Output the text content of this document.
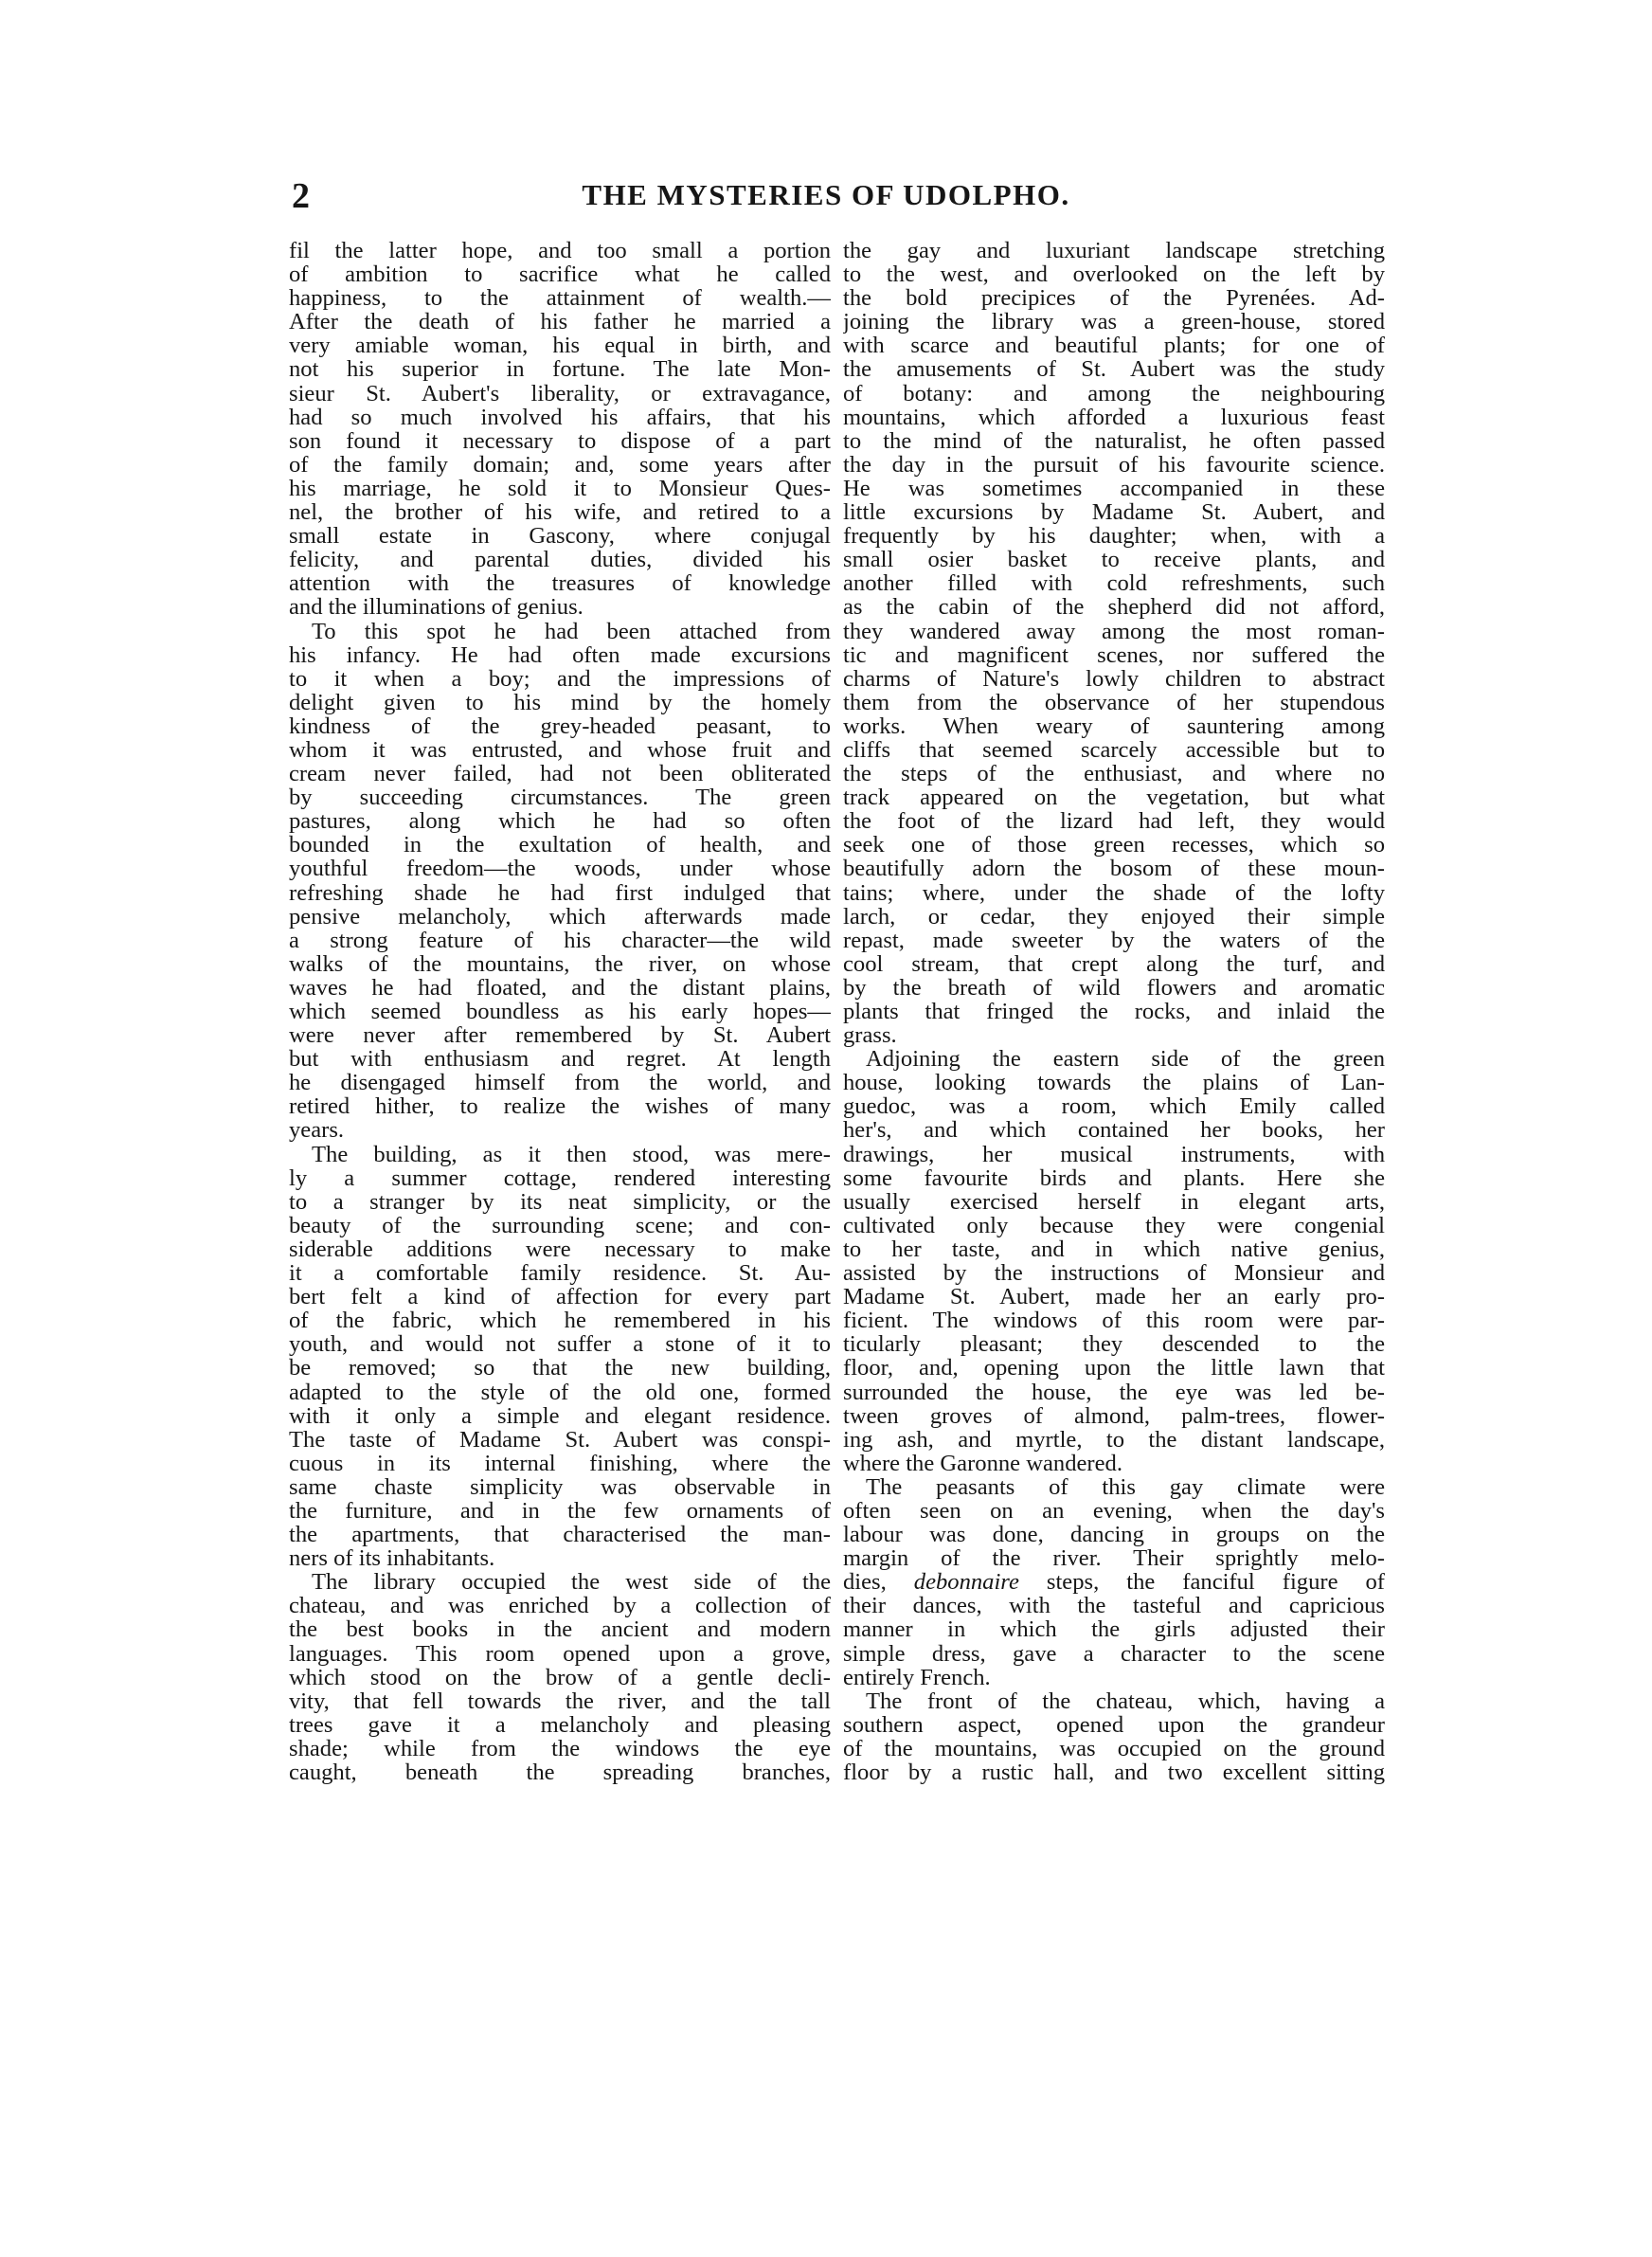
2	THE MYSTERIES OF UDOLPHO.
fil the latter hope, and too small a portion
of ambition to sacrifice what he called
happiness, to the attainment of wealth.—
After the death of his father he married a
very amiable woman, his equal in birth, and
not his superior in fortune. The late Mon-
sieur St. Aubert's liberality, or extravagance,
had so much involved his affairs, that his
son found it necessary to dispose of a part
of the family domain; and, some years after
his marriage, he sold it to Monsieur Ques-
nel, the brother of his wife, and retired to a
small estate in Gascony, where conjugal
felicity, and parental duties, divided his
attention with the treasures of knowledge
and the illuminations of genius.
To this spot he had been attached from
his infancy. He had often made excursions
to it when a boy; and the impressions of
delight given to his mind by the homely
kindness of the grey-headed peasant, to
whom it was entrusted, and whose fruit and
cream never failed, had not been obliterated
by succeeding circumstances. The green
pastures, along which he had so often
bounded in the exultation of health, and
youthful freedom—the woods, under whose
refreshing shade he had first indulged that
pensive melancholy, which afterwards made
a strong feature of his character—the wild
walks of the mountains, the river, on whose
waves he had floated, and the distant plains,
which seemed boundless as his early hopes—
were never after remembered by St. Aubert
but with enthusiasm and regret. At length
he disengaged himself from the world, and
retired hither, to realize the wishes of many
years.
The building, as it then stood, was mere-
ly a summer cottage, rendered interesting
to a stranger by its neat simplicity, or the
beauty of the surrounding scene; and con-
siderable additions were necessary to make
it a comfortable family residence. St. Au-
bert felt a kind of affection for every part
of the fabric, which he remembered in his
youth, and would not suffer a stone of it to
be removed; so that the new building,
adapted to the style of the old one, formed
with it only a simple and elegant residence.
The taste of Madame St. Aubert was conspi-
cuous in its internal finishing, where the
same chaste simplicity was observable in
the furniture, and in the few ornaments of
the apartments, that characterised the man-
ners of its inhabitants.
The library occupied the west side of the
chateau, and was enriched by a collection of
the best books in the ancient and modern
languages. This room opened upon a grove,
which stood on the brow of a gentle decli-
vity, that fell towards the river, and the tall
trees gave it a melancholy and pleasing
shade; while from the windows the eye
caught, beneath the spreading branches,
the gay and luxuriant landscape stretching
to the west, and overlooked on the left by
the bold precipices of the Pyrenées. Ad-
joining the library was a green-house, stored
with scarce and beautiful plants; for one of
the amusements of St. Aubert was the study
of botany: and among the neighbouring
mountains, which afforded a luxurious feast
to the mind of the naturalist, he often passed
the day in the pursuit of his favourite science.
He was sometimes accompanied in these
little excursions by Madame St. Aubert, and
frequently by his daughter; when, with a
small osier basket to receive plants, and
another filled with cold refreshments, such
as the cabin of the shepherd did not afford,
they wandered away among the most roman-
tic and magnificent scenes, nor suffered the
charms of Nature's lowly children to abstract
them from the observance of her stupendous
works. When weary of sauntering among
cliffs that seemed scarcely accessible but to
the steps of the enthusiast, and where no
track appeared on the vegetation, but what
the foot of the lizard had left, they would
seek one of those green recesses, which so
beautifully adorn the bosom of these moun-
tains; where, under the shade of the lofty
larch, or cedar, they enjoyed their simple
repast, made sweeter by the waters of the
cool stream, that crept along the turf, and
by the breath of wild flowers and aromatic
plants that fringed the rocks, and inlaid the
grass.
Adjoining the eastern side of the green
house, looking towards the plains of Lan-
guedoc, was a room, which Emily called
her's, and which contained her books, her
drawings, her musical instruments, with
some favourite birds and plants. Here she
usually exercised herself in elegant arts,
cultivated only because they were congenial
to her taste, and in which native genius,
assisted by the instructions of Monsieur and
Madame St. Aubert, made her an early pro-
ficient. The windows of this room were par-
ticularly pleasant; they descended to the
floor, and, opening upon the little lawn that
surrounded the house, the eye was led be-
tween groves of almond, palm-trees, flower-
ing ash, and myrtle, to the distant landscape,
where the Garonne wandered.
The peasants of this gay climate were
often seen on an evening, when the day's
labour was done, dancing in groups on the
margin of the river. Their sprightly melo-
dies, debonnaire steps, the fanciful figure of
their dances, with the tasteful and capricious
manner in which the girls adjusted their
simple dress, gave a character to the scene
entirely French.
The front of the chateau, which, having a
southern aspect, opened upon the grandeur
of the mountains, was occupied on the ground
floor by a rustic hall, and two excellent sitting
